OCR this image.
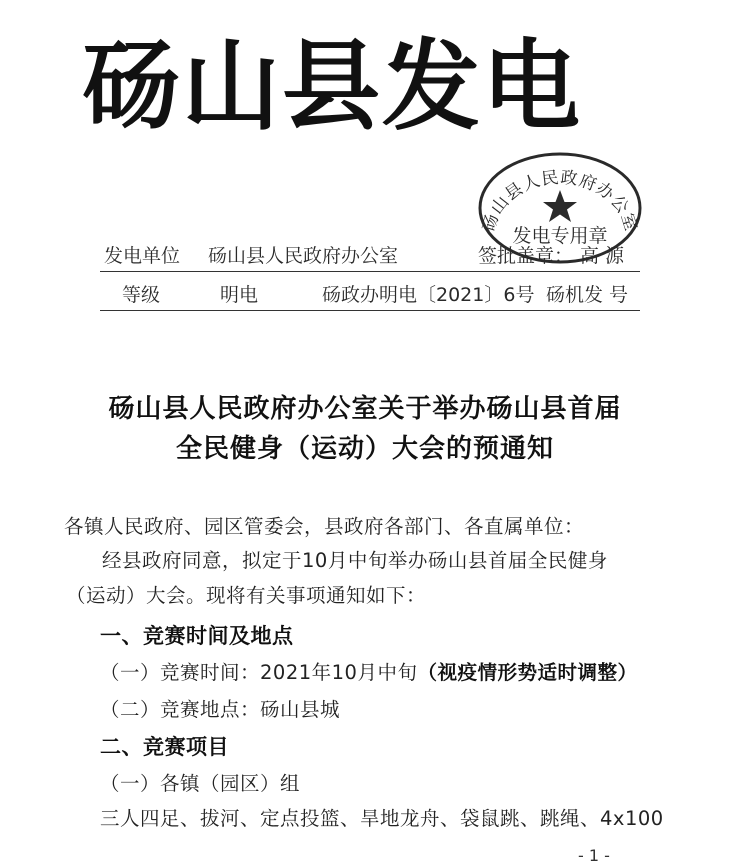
砀山县发电
砀山县人民政府办公室
发电专用章
发电单位 砀山县人民政府办公室	签批盖章： 高 源
等级	明电	砀政办明电〔2021〕6号 砀机发 号
砀山县人民政府办公室关于举办砀山县首届
全民健身（运动）大会的预通知
各镇人民政府、园区管委会，县政府各部门、各直属单位：
经县政府同意，拟定于10月中旬举办砀山县首届全民健身
（运动）大会。现将有关事项通知如下：
一、竞赛时间及地点
（一）竞赛时间：2021年10月中旬（视疫情形势适时调整）
（二）竞赛地点：砀山县城
二、竞赛项目
（一）各镇（园区）组
三人四足、拔河、定点投篮、旱地龙舟、袋鼠跳、跳绳、4x100
- 1 -
